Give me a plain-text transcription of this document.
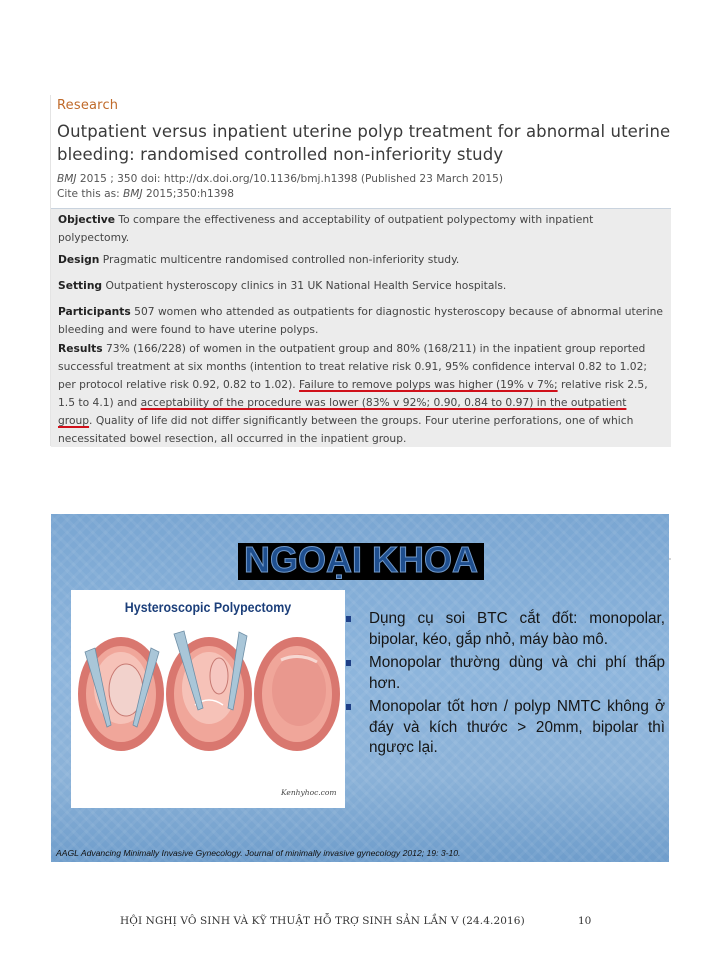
Research
Outpatient versus inpatient uterine polyp treatment for abnormal uterine bleeding: randomised controlled non-inferiority study
BMJ 2015 ; 350 doi: http://dx.doi.org/10.1136/bmj.h1398 (Published 23 March 2015)
Cite this as: BMJ 2015;350:h1398
Objective To compare the effectiveness and acceptability of outpatient polypectomy with inpatient polypectomy.
Design Pragmatic multicentre randomised controlled non-inferiority study.
Setting Outpatient hysteroscopy clinics in 31 UK National Health Service hospitals.
Participants 507 women who attended as outpatients for diagnostic hysteroscopy because of abnormal uterine bleeding and were found to have uterine polyps.
Results 73% (166/228) of women in the outpatient group and 80% (168/211) in the inpatient group reported successful treatment at six months (intention to treat relative risk 0.91, 95% confidence interval 0.82 to 1.02; per protocol relative risk 0.92, 0.82 to 1.02). Failure to remove polyps was higher (19% v 7%; relative risk 2.5, 1.5 to 4.1) and acceptability of the procedure was lower (83% v 92%; 0.90, 0.84 to 0.97) in the outpatient group. Quality of life did not differ significantly between the groups. Four uterine perforations, one of which necessitated bowel resection, all occurred in the inpatient group.
NGOẠI KHOA
Hysteroscopic Polypectomy
Kenhyhoc.com
Dụng cụ soi BTC cắt đốt: monopolar, bipolar, kéo, gắp nhỏ, máy bào mô.
Monopolar thường dùng và chi phí thấp hơn.
Monopolar tốt hơn / polyp NMTC không ở đáy và kích thước > 20mm, bipolar thì ngược lại.
AAGL Advancing Minimally Invasive Gynecology. Journal of minimally invasive gynecology 2012; 19: 3-10.
HỘI NGHỊ VÔ SINH VÀ KỸ THUẬT HỖ TRỢ SINH SẢN LẦN V (24.4.2016)	10
